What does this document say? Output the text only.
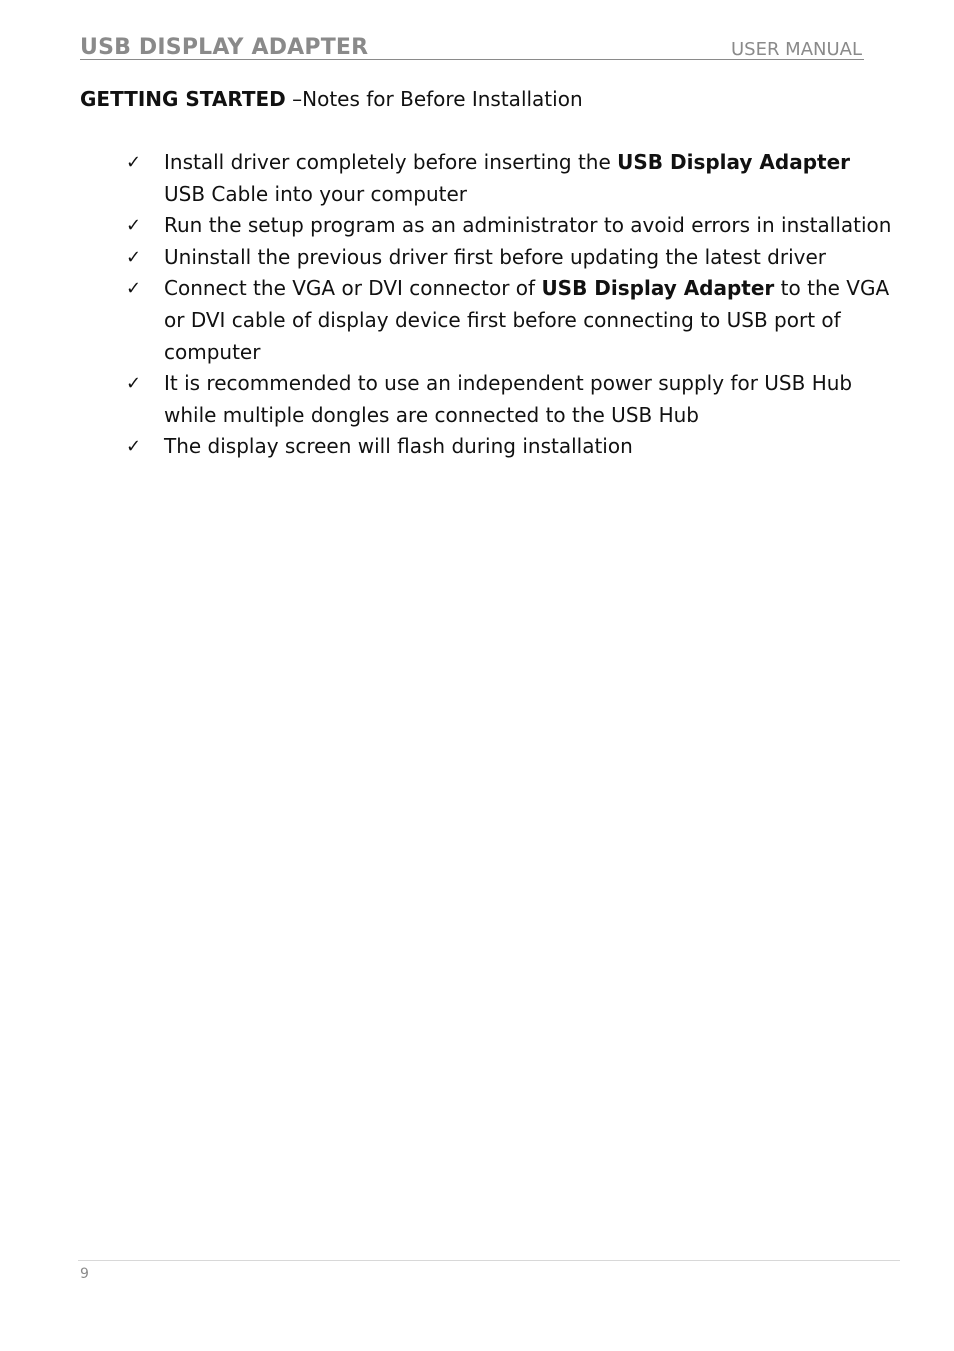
USB DISPLAY ADAPTER	USER MANUAL
GETTING STARTED –Notes for Before Installation
✓ Install driver completely before inserting the USB Display Adapter USB Cable into your computer
✓ Run the setup program as an administrator to avoid errors in installation
✓ Uninstall the previous driver first before updating the latest driver
✓ Connect the VGA or DVI connector of USB Display Adapter to the VGA or DVI cable of display device first before connecting to USB port of computer
✓ It is recommended to use an independent power supply for USB Hub while multiple dongles are connected to the USB Hub
✓ The display screen will flash during installation
9
